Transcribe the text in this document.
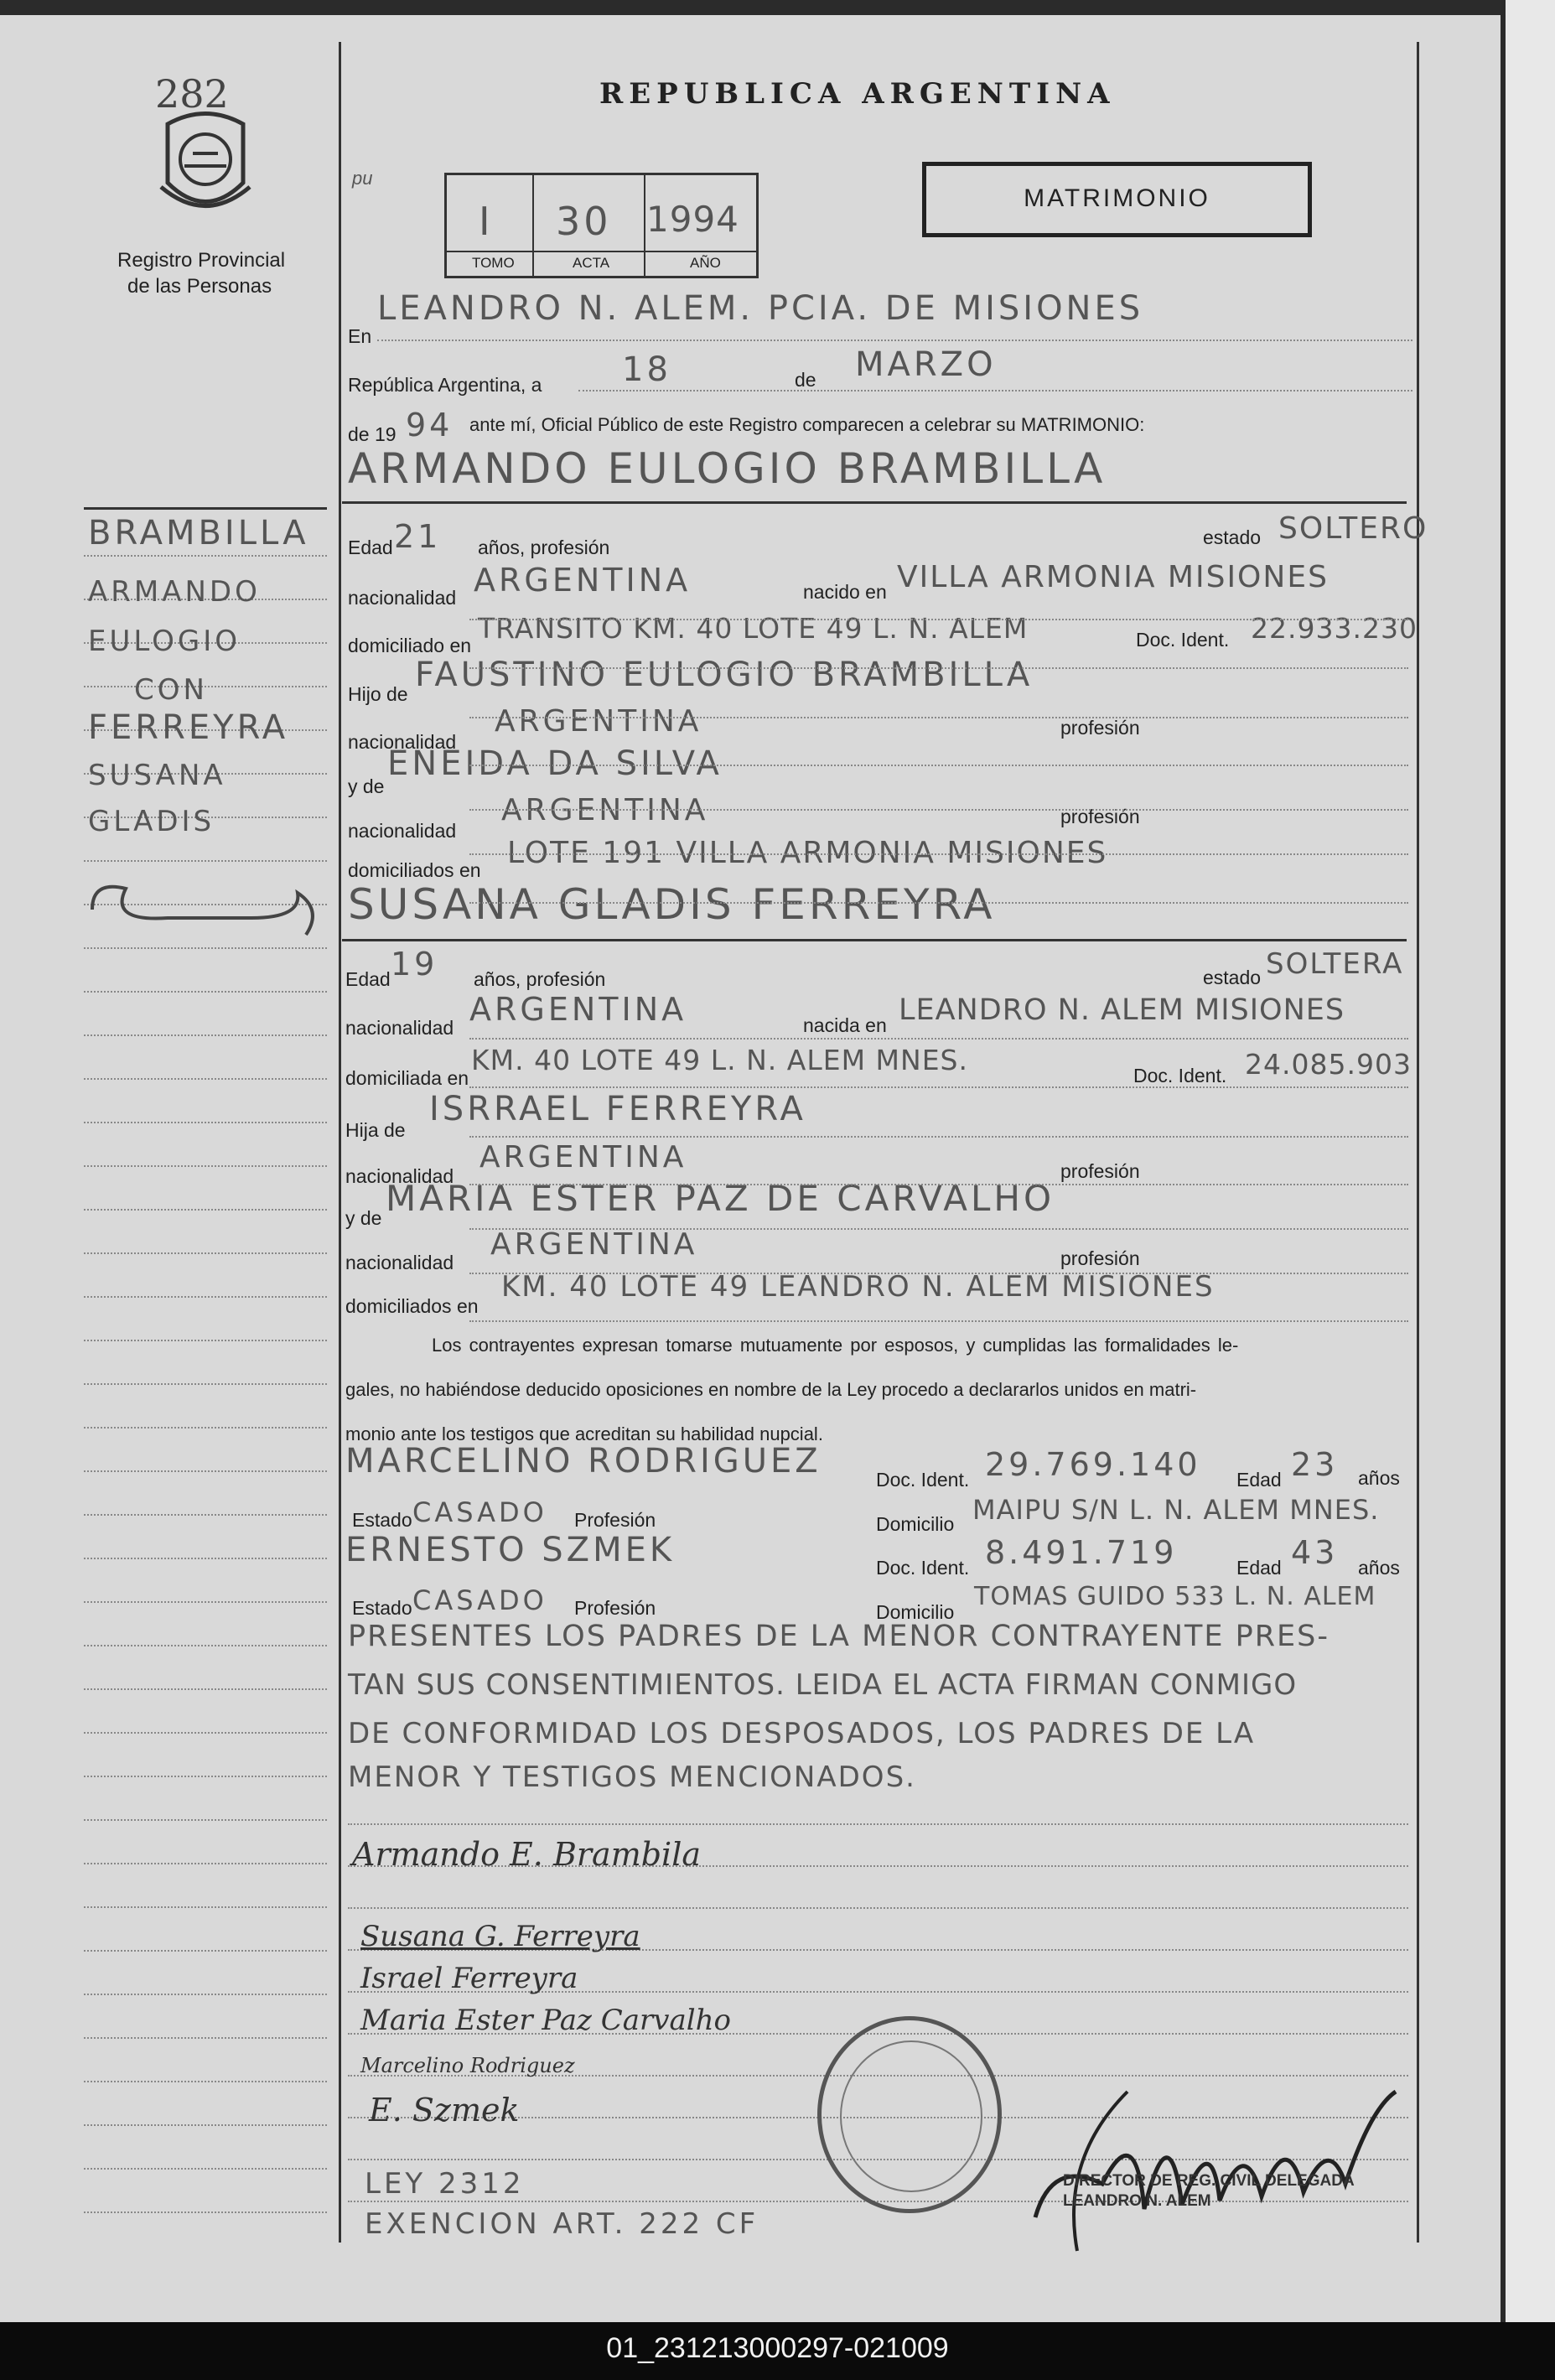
282
Registro Provincial
de las Personas
pu
BRAMBILLA
ARMANDO
EULOGIO
CON
FERREYRA
SUSANA
GLADIS
REPUBLICA ARGENTINA
MATRIMONIO
I 30 1994
TOMO	ACTA	AÑO
En
LEANDRO N. ALEM. PCIA. DE MISIONES
República Argentina, a 18	de MARZO
de 19 94 ante mí, Oficial Público de este Registro comparecen a celebrar su MATRIMONIO:
ARMANDO EULOGIO BRAMBILLA
Edad 21 años, profesión	estado SOLTERO
nacionalidad ARGENTINA	nacido en VILLA ARMONIA MISIONES
domiciliado en
TRANSITO KM. 40 LOTE 49 L. N. ALEM	Doc. Ident. 22.933.230
Hijo de FAUSTINO EULOGIO BRAMBILLA
nacionalidad
ARGENTINA	profesión
y de
ENEIDA DA SILVA
nacionalidad
ARGENTINA	profesión
domiciliados en LOTE 191 VILLA ARMONIA MISIONES
SUSANA GLADIS FERREYRA
Edad 19 años, profesión	estado SOLTERA
nacionalidad ARGENTINA	nacida en LEANDRO N. ALEM MISIONES
domiciliada en
KM. 40 LOTE 49 L. N. ALEM MNES.	Doc. Ident. 24.085.903
Hija de
ISRRAEL FERREYRA
nacionalidad
ARGENTINA	profesión
y de MARIA ESTER PAZ DE CARVALHO
nacionalidad
ARGENTINA	profesión
domiciliados en
KM. 40 LOTE 49 LEANDRO N. ALEM MISIONES
Los contrayentes expresan tomarse mutuamente por esposos, y cumplidas las formalidades le-
gales, no habiéndose deducido oposiciones en nombre de la Ley procedo a declararlos unidos en matri-
monio ante los testigos que acreditan su habilidad nupcial.
MARCELINO RODRIGUEZ	Doc. Ident. 29.769.140 Edad 23 años
Estado CASADO Profesión	Domicilio MAIPU S/N L. N. ALEM MNES.
ERNESTO SZMEK	Doc. Ident. 8.491.719	Edad 43 años
Estado CASADO Profesión	Domicilio
TOMAS GUIDO 533 L. N. ALEM
PRESENTES LOS PADRES DE LA MENOR CONTRAYENTE PRES-
TAN SUS CONSENTIMIENTOS. LEIDA EL ACTA FIRMAN CONMIGO
DE CONFORMIDAD LOS DESPOSADOS, LOS PADRES DE LA
MENOR Y TESTIGOS MENCIONADOS.
Armando E. Brambila
Susana G. Ferreyra
Israel Ferreyra
Maria Ester Paz Carvalho
Marcelino Rodriguez
E. Szmek
LEY 2312
EXENCION ART. 222 CF
DIRECTOR DE REG. CIVIL DELEGADA LEANDRO N. ALEM
01_231213000297-021009
